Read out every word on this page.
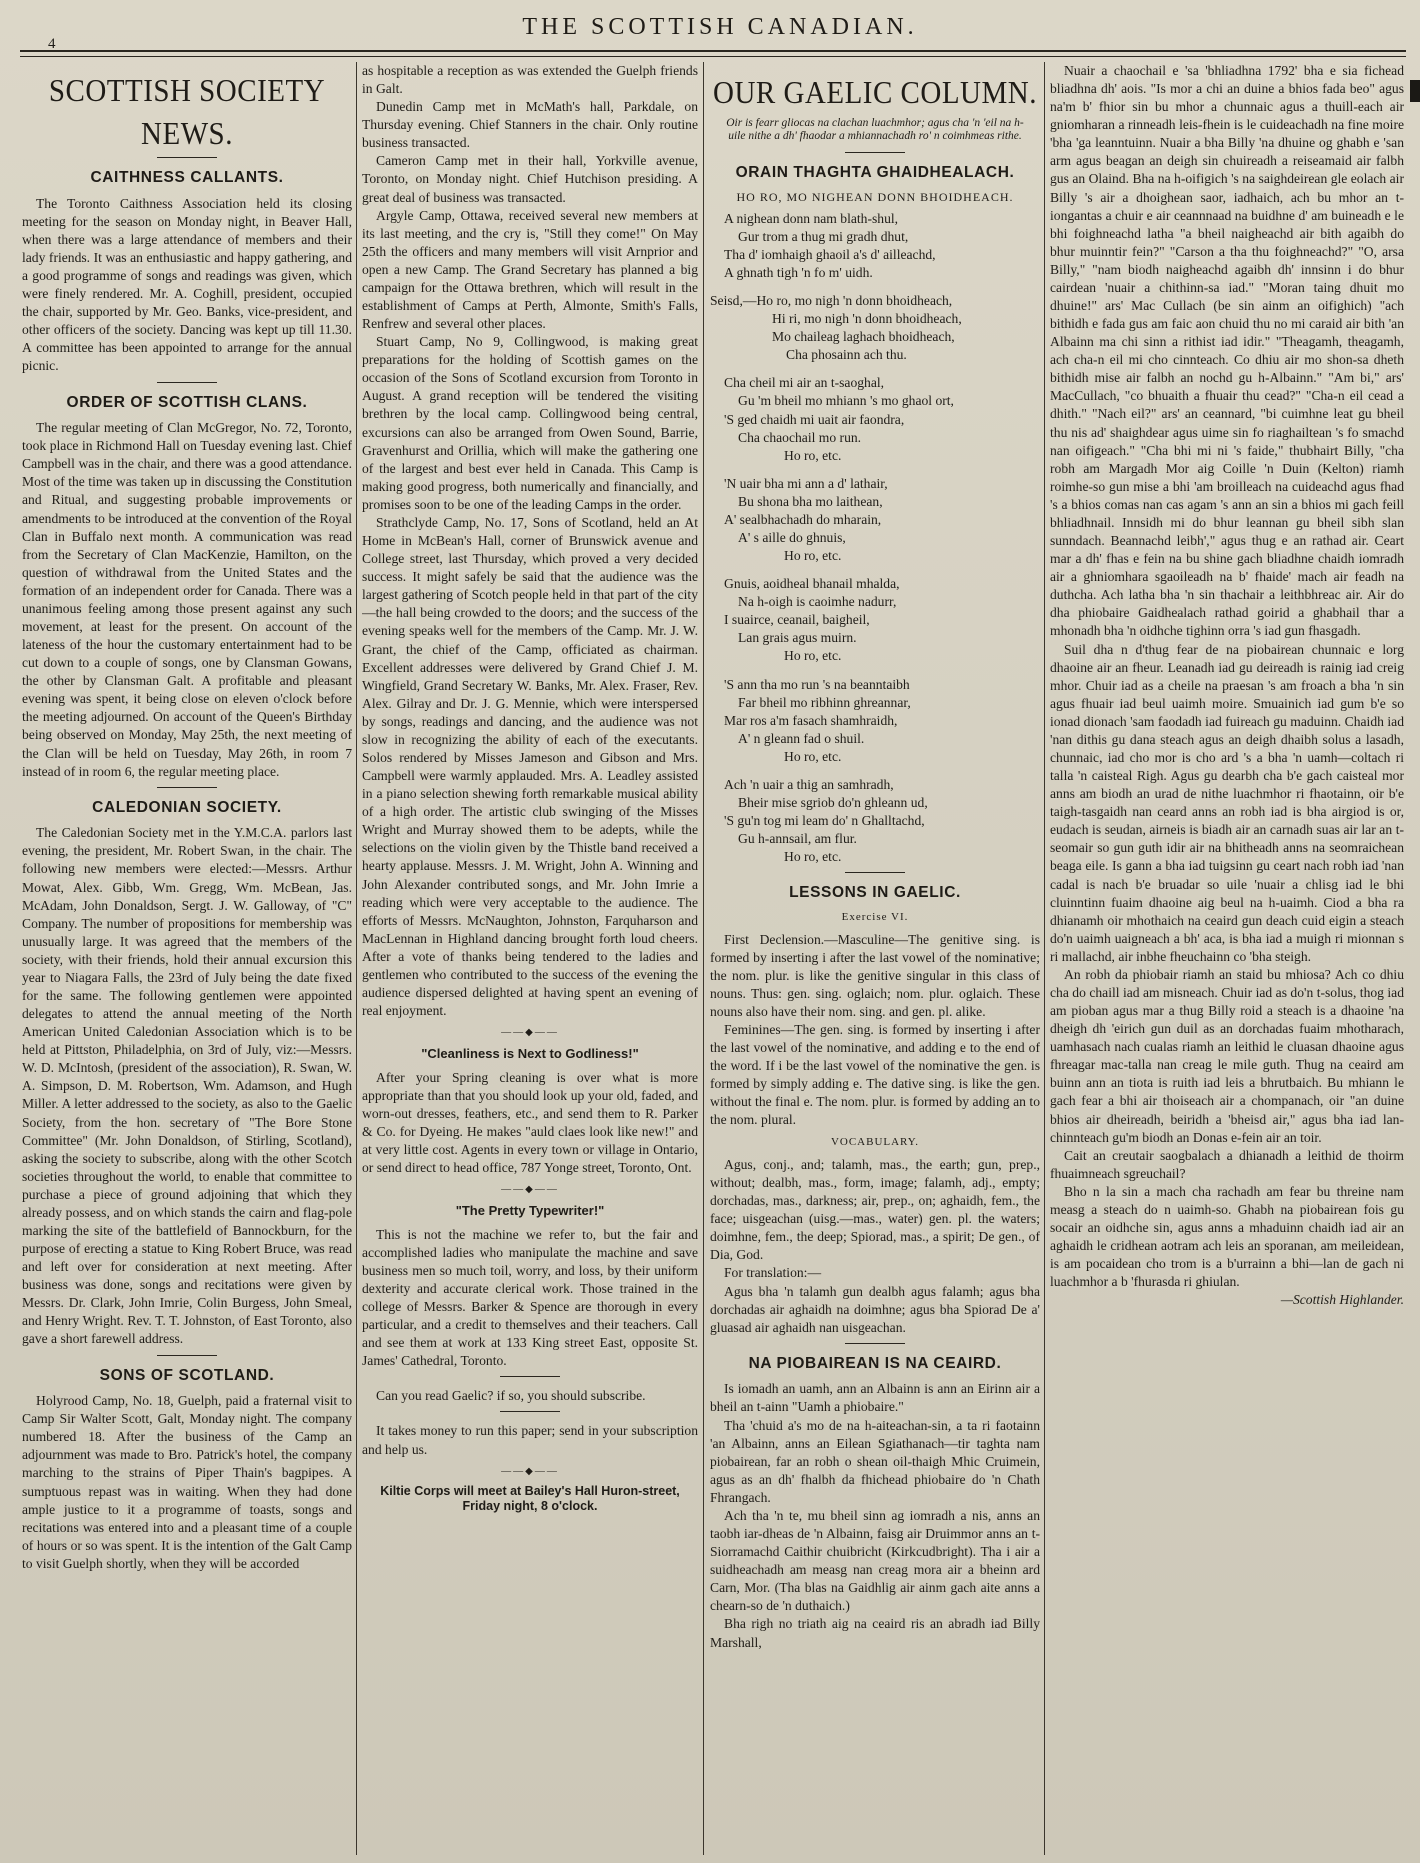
4
THE SCOTTISH CANADIAN.
SCOTTISH SOCIETY NEWS.
CAITHNESS CALLANTS.

The Toronto Caithness Association held its closing meeting for the season on Monday night, in Beaver Hall, when there was a large attendance of members and their lady friends. It was an enthusiastic and happy gathering, and a good programme of songs and readings was given, which were finely rendered. Mr. A. Coghill, president, occupied the chair, supported by Mr. Geo. Banks, vice-president, and other officers of the society. Dancing was kept up till 11.30. A committee has been appointed to arrange for the annual picnic.

ORDER OF SCOTTISH CLANS.

The regular meeting of Clan McGregor, No. 72, Toronto, took place in Richmond Hall on Tuesday evening last. Chief Campbell was in the chair, and there was a good attendance. Most of the time was taken up in discussing the Constitution and Ritual, and suggesting probable improvements or amendments to be introduced at the convention of the Royal Clan in Buffalo next month. A communication was read from the Secretary of Clan MacKenzie, Hamilton, on the question of withdrawal from the United States and the formation of an independent order for Canada. There was a unanimous feeling among those present against any such movement, at least for the present. On account of the lateness of the hour the customary entertainment had to be cut down to a couple of songs, one by Clansman Gowans, the other by Clansman Galt. A profitable and pleasant evening was spent, it being close on eleven o'clock before the meeting adjourned. On account of the Queen's Birthday being observed on Monday, May 25th, the next meeting of the Clan will be held on Tuesday, May 26th, in room 7 instead of in room 6, the regular meeting place.

CALEDONIAN SOCIETY.

The Caledonian Society met in the Y.M.C.A. parlors last evening, the president, Mr. Robert Swan, in the chair. The following new members were elected:—Messrs. Arthur Mowat, Alex. Gibb, Wm. Gregg, Wm. McBean, Jas. McAdam, John Donaldson, Sergt. J. W. Galloway, of "C" Company. The number of propositions for membership was unusually large. It was agreed that the members of the society, with their friends, hold their annual excursion this year to Niagara Falls, the 23rd of July being the date fixed for the same. The following gentlemen were appointed delegates to attend the annual meeting of the North American United Caledonian Association which is to be held at Pittston, Philadelphia, on 3rd of July, viz:—Messrs. W. D. McIntosh, (president of the association), R. Swan, W. A. Simpson, D. M. Robertson, Wm. Adamson, and Hugh Miller. A letter addressed to the society, as also to the Gaelic Society, from the hon. secretary of "The Bore Stone Committee" (Mr. John Donaldson, of Stirling, Scotland), asking the society to subscribe, along with the other Scotch societies throughout the world, to enable that committee to purchase a piece of ground adjoining that which they already possess, and on which stands the cairn and flag-pole marking the site of the battlefield of Bannockburn, for the purpose of erecting a statue to King Robert Bruce, was read and left over for consideration at next meeting. After business was done, songs and recitations were given by Messrs. Dr. Clark, John Imrie, Colin Burgess, John Smeal, and Henry Wright. Rev. T. T. Johnston, of East Toronto, also gave a short farewell address.

SONS OF SCOTLAND.

Holyrood Camp, No. 18, Guelph, paid a fraternal visit to Camp Sir Walter Scott, Galt, Monday night. The company numbered 18. After the business of the Camp an adjournment was made to Bro. Patrick's hotel, the company marching to the strains of Piper Thain's bagpipes. A sumptuous repast was in waiting. When they had done ample justice to it a programme of toasts, songs and recitations was entered into and a pleasant time of a couple of hours or so was spent. It is the intention of the Galt Camp to visit Guelph shortly, when they will be accorded

as hospitable a reception as was extended the Guelph friends in Galt.

Dunedin Camp met in McMath's hall, Parkdale, on Thursday evening. Chief Stanners in the chair. Only routine business transacted.

Cameron Camp met in their hall, Yorkville avenue, Toronto, on Monday night. Chief Hutchison presiding. A great deal of business was transacted.

Argyle Camp, Ottawa, received several new members at its last meeting, and the cry is, "Still they come!" On May 25th the officers and many members will visit Arnprior and open a new Camp. The Grand Secretary has planned a big campaign for the Ottawa brethren, which will result in the establishment of Camps at Perth, Almonte, Smith's Falls, Renfrew and several other places.

Stuart Camp, No 9, Collingwood, is making great preparations for the holding of Scottish games on the occasion of the Sons of Scotland excursion from Toronto in August. A grand reception will be tendered the visiting brethren by the local camp. Collingwood being central, excursions can also be arranged from Owen Sound, Barrie, Gravenhurst and Orillia, which will make the gathering one of the largest and best ever held in Canada. This Camp is making good progress, both numerically and financially, and promises soon to be one of the leading Camps in the order.

Strathclyde Camp, No. 17, Sons of Scotland, held an At Home in McBean's Hall, corner of Brunswick avenue and College street, last Thursday, which proved a very decided success. It might safely be said that the audience was the largest gathering of Scotch people held in that part of the city—the hall being crowded to the doors; and the success of the evening speaks well for the members of the Camp. Mr. J. W. Grant, the chief of the Camp, officiated as chairman. Excellent addresses were delivered by Grand Chief J. M. Wingfield, Grand Secretary W. Banks, Mr. Alex. Fraser, Rev. Alex. Gilray and Dr. J. G. Mennie, which were interspersed by songs, readings and dancing, and the audience was not slow in recognizing the ability of each of the executants. Solos rendered by Misses Jameson and Gibson and Mrs. Campbell were warmly applauded. Mrs. A. Leadley assisted in a piano selection shewing forth remarkable musical ability of a high order. The artistic club swinging of the Misses Wright and Murray showed them to be adepts, while the selections on the violin given by the Thistle band received a hearty applause. Messrs. J. M. Wright, John A. Winning and John Alexander contributed songs, and Mr. John Imrie a reading which were very acceptable to the audience. The efforts of Messrs. McNaughton, Johnston, Farquharson and MacLennan in Highland dancing brought forth loud cheers. After a vote of thanks being tendered to the ladies and gentlemen who contributed to the success of the evening the audience dispersed delighted at having spent an evening of real enjoyment.

——◆——
"Cleanliness is Next to Godliness!"

After your Spring cleaning is over what is more appropriate than that you should look up your old, faded, and worn-out dresses, feathers, etc., and send them to R. Parker & Co. for Dyeing. He makes "auld claes look like new!" and at very little cost. Agents in every town or village in Ontario, or send direct to head office, 787 Yonge street, Toronto, Ont.

——◆——
"The Pretty Typewriter!"

This is not the machine we refer to, but the fair and accomplished ladies who manipulate the machine and save business men so much toil, worry, and loss, by their uniform dexterity and accurate clerical work. Those trained in the college of Messrs. Barker & Spence are thorough in every particular, and a credit to themselves and their teachers. Call and see them at work at 133 King street East, opposite St. James' Cathedral, Toronto.

Can you read Gaelic? if so, you should subscribe.

It takes money to run this paper; send in your subscription and help us.

——◆——
Kiltie Corps will meet at Bailey's Hall Huron-street, Friday night, 8 o'clock.
OUR GAELIC COLUMN.
Oir is fearr gliocas na clachan luachmhor; agus cha 'n 'eil na h-uile nithe a dh' fhaodar a mhiannachadh ro' n coimhmeas rithe.
ORAIN THAGHTA GHAIDHEALACH.
HO RO, MO NIGHEAN DONN BHOIDHEACH.
A nighean donn nam blath-shul,
Gur trom a thug mi gradh dhut,
Tha d' iomhaigh ghaoil a's d' ailleachd,
A ghnath tigh 'n fo m' uidh.
Seisd,—Ho ro, mo nigh 'n donn bhoidheach,
Hi ri, mo nigh 'n donn bhoidheach,
Mo chaileag laghach bhoidheach,
Cha phosainn ach thu.
Cha cheil mi air an t-saoghal,
Gu 'm bheil mo mhiann 's mo ghaol ort,
'S ged chaidh mi uait air faondra,
Cha chaochail mo run.

Ho ro, etc.

'N uair bha mi ann a d' lathair,
Bu shona bha mo laithean,
A' sealbhachadh do mharain,
A' s aille do ghnuis,

Ho ro, etc.

Gnuis, aoidheal bhanail mhalda,
Na h-oigh is caoimhe nadurr,
I suairce, ceanail, baigheil,
Lan grais agus muirn.

Ho ro, etc.

'S ann tha mo run 's na beanntaibh
Far bheil mo ribhinn ghreannar,
Mar ros a'm fasach shamhraidh,
A' n gleann fad o shuil.

Ho ro, etc.

Ach 'n uair a thig an samhradh,
Bheir mise sgriob do'n ghleann ud,
'S gu'n tog mi leam do' n Ghalltachd,
Gu h-annsail, am flur.

Ho ro, etc.

LESSONS IN GAELIC.
Exercise VI.

First Declension.—Masculine—The genitive sing. is formed by inserting i after the last vowel of the nominative; the nom. plur. is like the genitive singular in this class of nouns. Thus: gen. sing. oglaich; nom. plur. oglaich. These nouns also have their nom. sing. and gen. pl. alike.

Feminines—The gen. sing. is formed by inserting i after the last vowel of the nominative, and adding e to the end of the word. If i be the last vowel of the nominative the gen. is formed by simply adding e. The dative sing. is like the gen. without the final e. The nom. plur. is formed by adding an to the nom. plural.

VOCABULARY.

Agus, conj., and; talamh, mas., the earth; gun, prep., without; dealbh, mas., form, image; falamh, adj., empty; dorchadas, mas., darkness; air, prep., on; aghaidh, fem., the face; uisgeachan (uisg.—mas., water) gen. pl. the waters; doimhne, fem., the deep; Spiorad, mas., a spirit; De gen., of Dia, God.

For translation:—

Agus bha 'n talamh gun dealbh agus falamh; agus bha dorchadas air aghaidh na doimhne; agus bha Spiorad De a' gluasad air aghaidh nan uisgeachan.

NA PIOBAIREAN IS NA CEAIRD.

Is iomadh an uamh, ann an Albainn is ann an Eirinn air a bheil an t-ainn "Uamh a phiobaire."

Tha 'chuid a's mo de na h-aiteachan-sin, a ta ri faotainn 'an Albainn, anns an Eilean Sgiathanach—tir taghta nam piobairean, far an robh o shean oil-thaigh Mhic Cruimein, agus as an dh' fhalbh da fhichead phiobaire do 'n Chath Fhrangach.

Ach tha 'n te, mu bheil sinn ag iomradh a nis, anns an taobh iar-dheas de 'n Albainn, faisg air Druimmor anns an t-Siorramachd Caithir chuibricht (Kirkcudbright). Tha i air a suidheachadh am measg nan creag mora air a bheinn ard Carn, Mor. (Tha blas na Gaidhlig air ainm gach aite anns a chearn-so de 'n duthaich.)

Bha righ no triath aig na ceaird ris an abradh iad Billy Marshall,

Nuair a chaochail e 'sa 'bhliadhna 1792' bha e sia fichead bliadhna dh' aois. "Is mor a chi an duine a bhios fada beo" agus na'm b' fhior sin bu mhor a chunnaic agus a thuill-each air gniomharan a rinneadh leis-fhein is le cuideachadh na fine moire 'bha 'ga leanntuinn. Nuair a bha Billy 'na dhuine og ghabh e 'san arm agus beagan an deigh sin chuireadh a reiseamaid air falbh gus an Olaind. Bha na h-oifigich 's na saighdeirean gle eolach air Billy 's air a dhoighean saor, iadhaich, ach bu mhor an t-iongantas a chuir e air ceannnaad na buidhne d' am buineadh e le bhi foighneachd latha "a bheil naigheachd air bith agaibh do bhur muinntir fein?" "Carson a tha thu foighneachd?" "O, arsa Billy," "nam biodh naigheachd agaibh dh' innsinn i do bhur cairdean 'nuair a chithinn-sa iad." "Moran taing dhuit mo dhuine!" ars' Mac Cullach (be sin ainm an oifighich) "ach bithidh e fada gus am faic aon chuid thu no mi caraid air bith 'an Albainn ma chi sinn a rithist iad idir." "Theagamh, theagamh, ach cha-n eil mi cho cinnteach. Co dhiu air mo shon-sa dheth bithidh mise air falbh an nochd gu h-Albainn." "Am bi," ars' MacCullach, "co bhuaith a fhuair thu cead?" "Cha-n eil cead a dhith." "Nach eil?" ars' an ceannard, "bi cuimhne leat gu bheil thu nis ad' shaighdear agus uime sin fo riaghailtean 's fo smachd nan oifigeach." "Cha bhi mi ni 's faide," thubhairt Billy, "cha robh am Margadh Mor aig Coille 'n Duin (Kelton) riamh roimhe-so gun mise a bhi 'am broilleach na cuideachd agus fhad 's a bhios comas nan cas agam 's ann an sin a bhios mi gach feill bhliadhnail. Innsidh mi do bhur leannan gu bheil sibh slan sunndach. Beannachd leibh'," agus thug e an rathad air. Ceart mar a dh' fhas e fein na bu shine gach bliadhne chaidh iomradh air a ghniomhara sgaoileadh na b' fhaide' mach air feadh na duthcha. Ach latha bha 'n sin thachair a leithbhreac air. Air do dha phiobaire Gaidhealach rathad goirid a ghabhail thar a mhonadh bha 'n oidhche tighinn orra 's iad gun fhasgadh.

Suil dha n d'thug fear de na piobairean chunnaic e lorg dhaoine air an fheur. Leanadh iad gu deireadh is rainig iad creig mhor. Chuir iad as a cheile na praesan 's am froach a bha 'n sin agus fhuair iad beul uaimh moire. Smuainich iad gum b'e so ionad dionach 'sam faodadh iad fuireach gu maduinn. Chaidh iad 'nan dithis gu dana steach agus an deigh dhaibh solus a lasadh, chunnaic, iad cho mor is cho ard 's a bha 'n uamh—coltach ri talla 'n caisteal Righ. Agus gu dearbh cha b'e gach caisteal mor anns am biodh an urad de nithe luachmhor ri fhaotainn, oir b'e taigh-tasgaidh nan ceard anns an robh iad is bha airgiod is or, eudach is seudan, airneis is biadh air an carnadh suas air lar an t-seomair so gun guth idir air na bhitheadh anns na seomraichean beaga eile. Is gann a bha iad tuigsinn gu ceart nach robh iad 'nan cadal is nach b'e bruadar so uile 'nuair a chlisg iad le bhi cluinntinn fuaim dhaoine aig beul na h-uaimh. Ciod a bha ra dhianamh oir mhothaich na ceaird gun deach cuid eigin a steach do'n uaimh uaigneach a bh' aca, is bha iad a muigh ri mionnan s ri mallachd, air inbhe fheuchainn co 'bha steigh.

An robh da phiobair riamh an staid bu mhiosa? Ach co dhiu cha do chaill iad am misneach. Chuir iad as do'n t-solus, thog iad am pioban agus mar a thug Billy roid a steach is a dhaoine 'na dheigh dh 'eirich gun duil as an dorchadas fuaim mhotharach, uamhasach nach cualas riamh an leithid le cluasan dhaoine agus fhreagar mac-talla nan creag le mile guth. Thug na ceaird am buinn ann an tiota is ruith iad leis a bhrutbaich. Bu mhiann le gach fear a bhi air thoiseach air a chompanach, oir "an duine bhios air dheireadh, beiridh a 'bheisd air," agus bha iad lan-chinnteach gu'm biodh an Donas e-fein air an toir.

Cait an creutair saogbalach a dhianadh a leithid de thoirm fhuaimneach sgreuchail?

Bho n la sin a mach cha rachadh am fear bu threine nam measg a steach do n uaimh-so. Ghabh na piobairean fois gu socair an oidhche sin, agus anns a mhaduinn chaidh iad air an aghaidh le cridhean aotram ach leis an sporanan, am meileidean, is am pocaidean cho trom is a b'urrainn a bhi—lan de gach ni luachmhor a b 'fhurasda ri ghiulan.

—Scottish Highlander.
